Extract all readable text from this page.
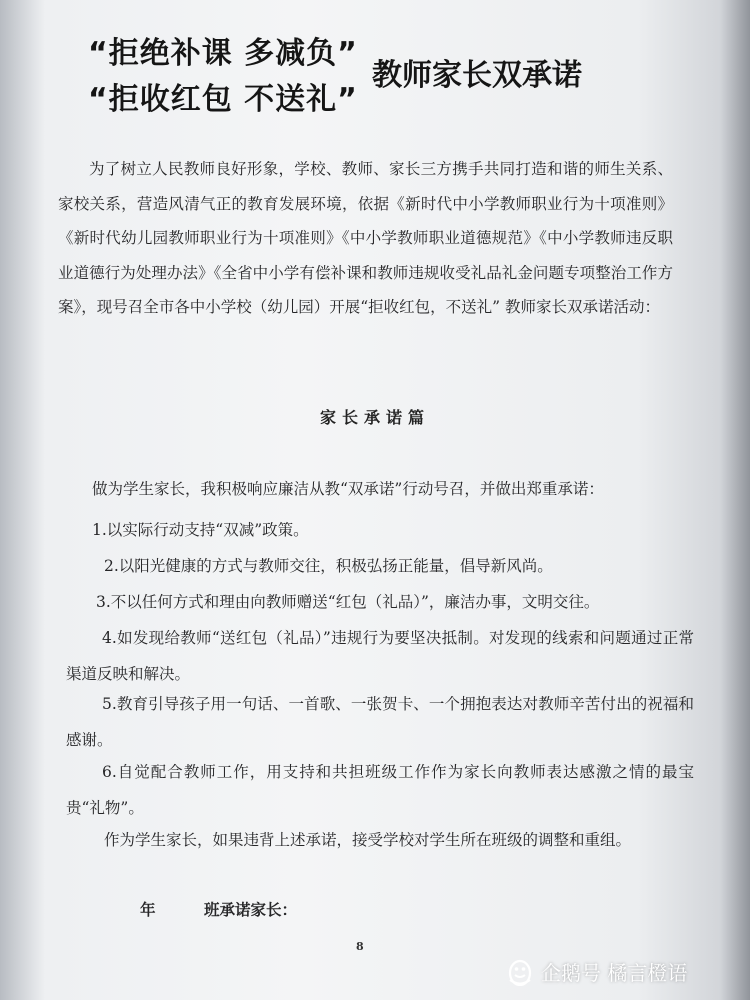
“拒绝补课 多减负”
“拒收红包 不送礼”
教师家长双承诺

为了树立人民教师良好形象，学校、教师、家长三方携手共同打造和谐的师生关系、家校关系，营造风清气正的教育发展环境，依据《新时代中小学教师职业行为十项准则》《新时代幼儿园教师职业行为十项准则》《中小学教师职业道德规范》《中小学教师违反职业道德行为处理办法》《全省中小学有偿补课和教师违规收受礼品礼金问题专项整治工作方案》，现号召全市各中小学校（幼儿园）开展“拒收红包，不送礼” 教师家长双承诺活动：

家长承诺篇

做为学生家长，我积极响应廉洁从教“双承诺”行动号召，并做出郑重承诺：

1.以实际行动支持“双减”政策。

2.以阳光健康的方式与教师交往，积极弘扬正能量，倡导新风尚。

3.不以任何方式和理由向教师赠送“红包（礼品）”，廉洁办事，文明交往。

4.如发现给教师“送红包（礼品）”违规行为要坚决抵制。对发现的线索和问题通过正常渠道反映和解决。

5.教育引导孩子用一句话、一首歌、一张贺卡、一个拥抱表达对教师辛苦付出的祝福和感谢。

6.自觉配合教师工作，用支持和共担班级工作作为家长向教师表达感激之情的最宝贵“礼物”。

作为学生家长，如果违背上述承诺，接受学校对学生所在班级的调整和重组。

年	班承诺家长：
8
企鹅号 橘言橙语
